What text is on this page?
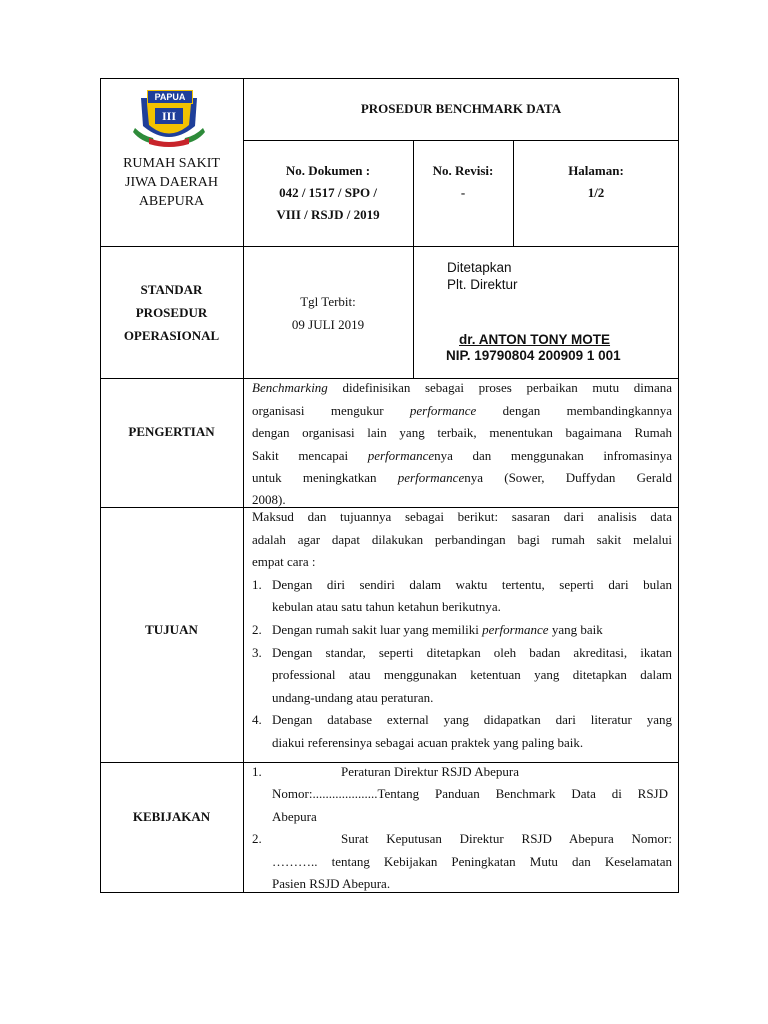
III
PAPUA
RUMAH SAKIT
JIWA DAERAH
ABEPURA
PROSEDUR BENCHMARK DATA
No. Dokumen :
042 / 1517 / SPO /
VIII / RSJD / 2019
No. Revisi:
-
Halaman:
1/2
STANDAR
PROSEDUR
OPERASIONAL
Tgl Terbit:
09 JULI 2019
Ditetapkan
Plt. Direktur
dr. ANTON TONY MOTE
NIP. 19790804 200909 1 001
PENGERTIAN
Benchmarking didefinisikan sebagai proses perbaikan mutu dimana
organisasi mengukur performance dengan membandingkannya
dengan organisasi lain yang terbaik, menentukan bagaimana Rumah
Sakit mencapai performancenya dan menggunakan infromasinya
untuk meningkatkan performancenya (Sower, Duffydan Gerald
2008).
TUJUAN
Maksud dan tujuannya sebagai berikut: sasaran dari analisis data
adalah agar dapat dilakukan perbandingan bagi rumah sakit melalui
empat cara :
1. Dengan diri sendiri dalam waktu tertentu, seperti dari bulan
kebulan atau satu tahun ketahun berikutnya.
2. Dengan rumah sakit luar yang memiliki performance yang baik
3. Dengan standar, seperti ditetapkan oleh badan akreditasi, ikatan
professional atau menggunakan ketentuan yang ditetapkan dalam
undang-undang atau peraturan.
4. Dengan database external yang didapatkan dari literatur yang
diakui referensinya sebagai acuan praktek yang paling baik.
KEBIJAKAN
1.	Peraturan Direktur RSJD Abepura
Nomor:....................Tentang Panduan Benchmark Data di RSJD
Abepura
2.	Surat Keputusan Direktur RSJD Abepura Nomor:
……….. tentang Kebijakan Peningkatan Mutu dan Keselamatan
Pasien RSJD Abepura.
